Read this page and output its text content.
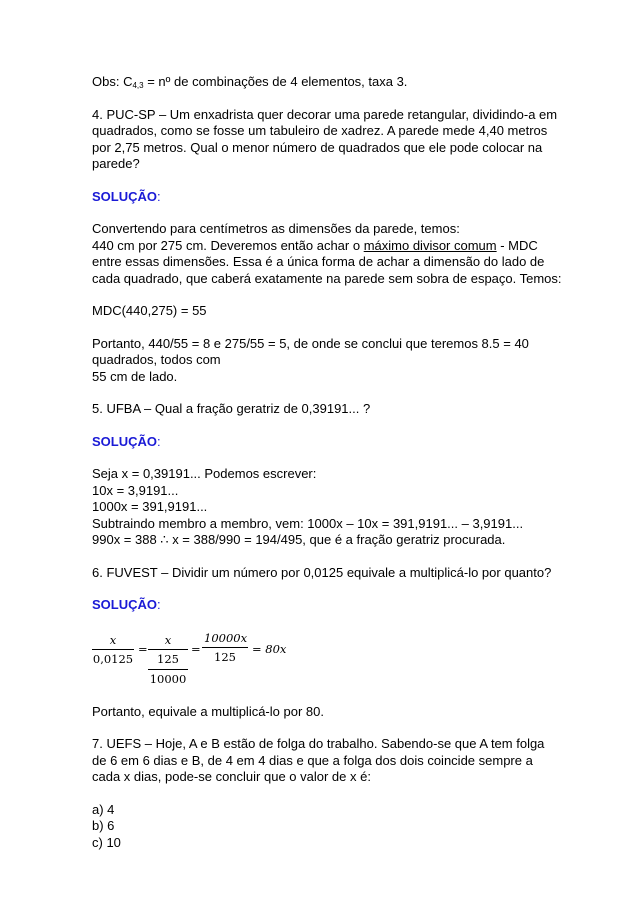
Obs: $C_{4,3}$ = nº de combinações de 4 elementos, taxa 3.

4. PUC-SP – Um enxadrista quer decorar uma parede retangular, dividindo-a em quadrados, como se fosse um tabuleiro de xadrez. A parede mede 4,40 metros por 2,75 metros. Qual o menor número de quadrados que ele pode colocar na parede?

SOLUÇÃO:

Convertendo para centímetros as dimensões da parede, temos:
440 cm por 275 cm. Deveremos então achar o máximo divisor comum - MDC entre essas dimensões. Essa é a única forma de achar a dimensão do lado de cada quadrado, que caberá exatamente na parede sem sobra de espaço. Temos:

MDC(440,275) = 55

Portanto, 440/55 = 8 e 275/55 = 5, de onde se conclui que teremos 8.5 = 40 quadrados, todos com
55 cm de lado.

5. UFBA – Qual a fração geratriz de 0,39191... ?

SOLUÇÃO:

Seja x = 0,39191... Podemos escrever:
10x = 3,9191...
1000x = 391,9191...
Subtraindo membro a membro, vem: 1000x – 10x = 391,9191... – 3,9191...
990x = 388 ∴ x = 388/990 = 194/495, que é a fração geratriz procurada.

6. FUVEST – Dividir um número por 0,0125 equivale a multiplicá-lo por quanto?

SOLUÇÃO:

$\frac{x}{0,0125}$ =
x
125
10000
= $\frac{10000x}{125} = 80x$

Portanto, equivale a multiplicá-lo por 80.

7. UEFS – Hoje, A e B estão de folga do trabalho. Sabendo-se que A tem folga de 6 em 6 dias e B, de 4 em 4 dias e que a folga dos dois coincide sempre a cada x dias, pode-se concluir que o valor de x é:

a) 4
b) 6
c) 10
